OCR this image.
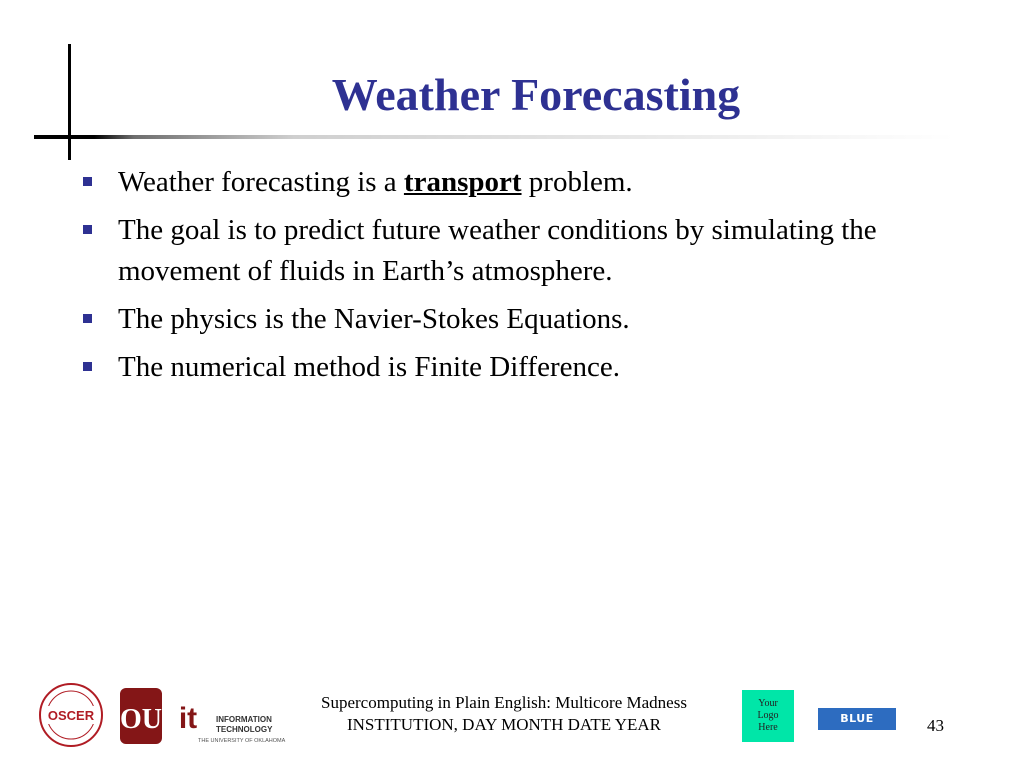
Weather Forecasting
Weather forecasting is a transport problem.
The goal is to predict future weather conditions by simulating the movement of fluids in Earth’s atmosphere.
The physics is the Navier-Stokes Equations.
The numerical method is Finite Difference.
OSCER OU it INFORMATION
TECHNOLOGY
THE UNIVERSITY OF OKLAHOMA
Supercomputing in Plain English: Multicore Madness
INSTITUTION, DAY MONTH DATE YEAR
Your
Logo
Here
BLUE WATERS
43
